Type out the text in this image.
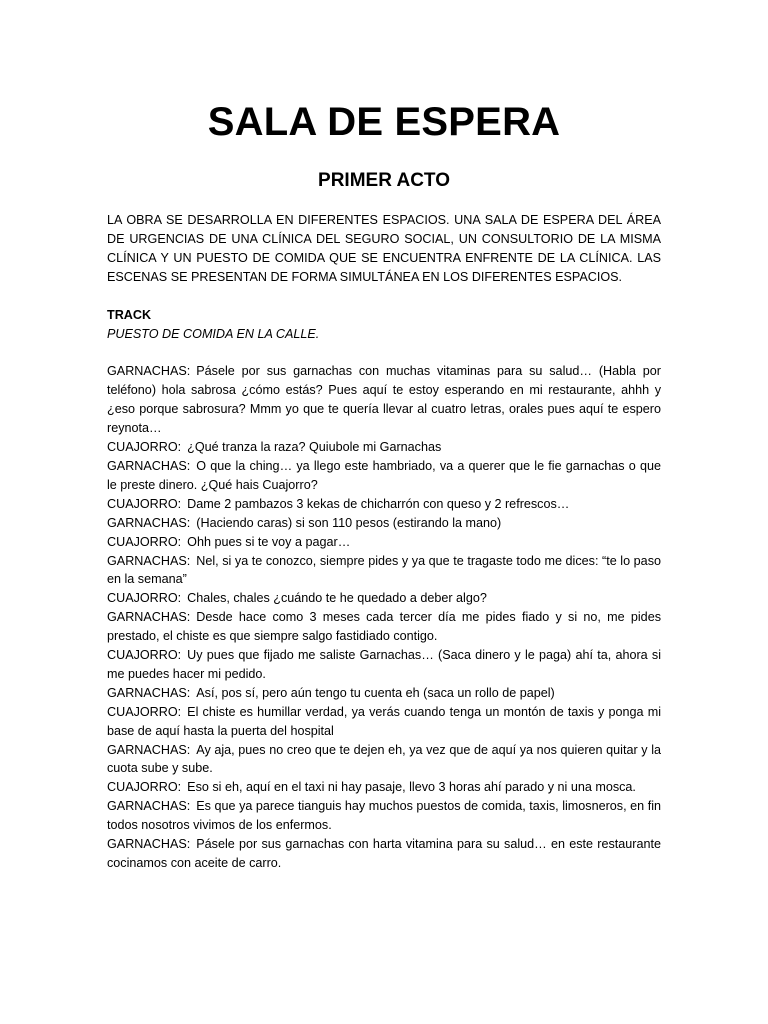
SALA DE ESPERA
PRIMER ACTO

LA OBRA SE DESARROLLA EN DIFERENTES ESPACIOS. UNA SALA DE ESPERA DEL ÁREA DE URGENCIAS DE UNA CLÍNICA DEL SEGURO SOCIAL, UN CONSULTORIO DE LA MISMA CLÍNICA Y UN PUESTO DE COMIDA QUE SE ENCUENTRA ENFRENTE DE LA CLÍNICA. LAS ESCENAS SE PRESENTAN DE FORMA SIMULTÁNEA EN LOS DIFERENTES ESPACIOS.

TRACK

PUESTO DE COMIDA EN LA CALLE.

GARNACHAS: Pásele por sus garnachas con muchas vitaminas para su salud… (Habla por teléfono) hola sabrosa ¿cómo estás? Pues aquí te estoy esperando en mi restaurante, ahhh y ¿eso porque sabrosura? Mmm yo que te quería llevar al cuatro letras, orales pues aquí te espero reynota…

CUAJORRO: ¿Qué tranza la raza? Quiubole mi Garnachas

GARNACHAS: O que la ching… ya llego este hambriado, va a querer que le fie garnachas o que le preste dinero. ¿Qué hais Cuajorro?

CUAJORRO: Dame 2 pambazos 3 kekas de chicharrón con queso y 2 refrescos…

GARNACHAS: (Haciendo caras) si son 110 pesos (estirando la mano)

CUAJORRO: Ohh pues si te voy a pagar…

GARNACHAS: Nel, si ya te conozco, siempre pides y ya que te tragaste todo me dices: “te lo paso en la semana”

CUAJORRO: Chales, chales ¿cuándo te he quedado a deber algo?

GARNACHAS: Desde hace como 3 meses cada tercer día me pides fiado y si no, me pides prestado, el chiste es que siempre salgo fastidiado contigo.

CUAJORRO: Uy pues que fijado me saliste Garnachas… (Saca dinero y le paga) ahí ta, ahora si me puedes hacer mi pedido.

GARNACHAS: Así, pos sí, pero aún tengo tu cuenta eh (saca un rollo de papel)

CUAJORRO: El chiste es humillar verdad, ya verás cuando tenga un montón de taxis y ponga mi base de aquí hasta la puerta del hospital

GARNACHAS: Ay aja, pues no creo que te dejen eh, ya vez que de aquí ya nos quieren quitar y la cuota sube y sube.

CUAJORRO: Eso si eh, aquí en el taxi ni hay pasaje, llevo 3 horas ahí parado y ni una mosca.

GARNACHAS: Es que ya parece tianguis hay muchos puestos de comida, taxis, limosneros, en fin todos nosotros vivimos de los enfermos.

GARNACHAS: Pásele por sus garnachas con harta vitamina para su salud… en este restaurante cocinamos con aceite de carro.
